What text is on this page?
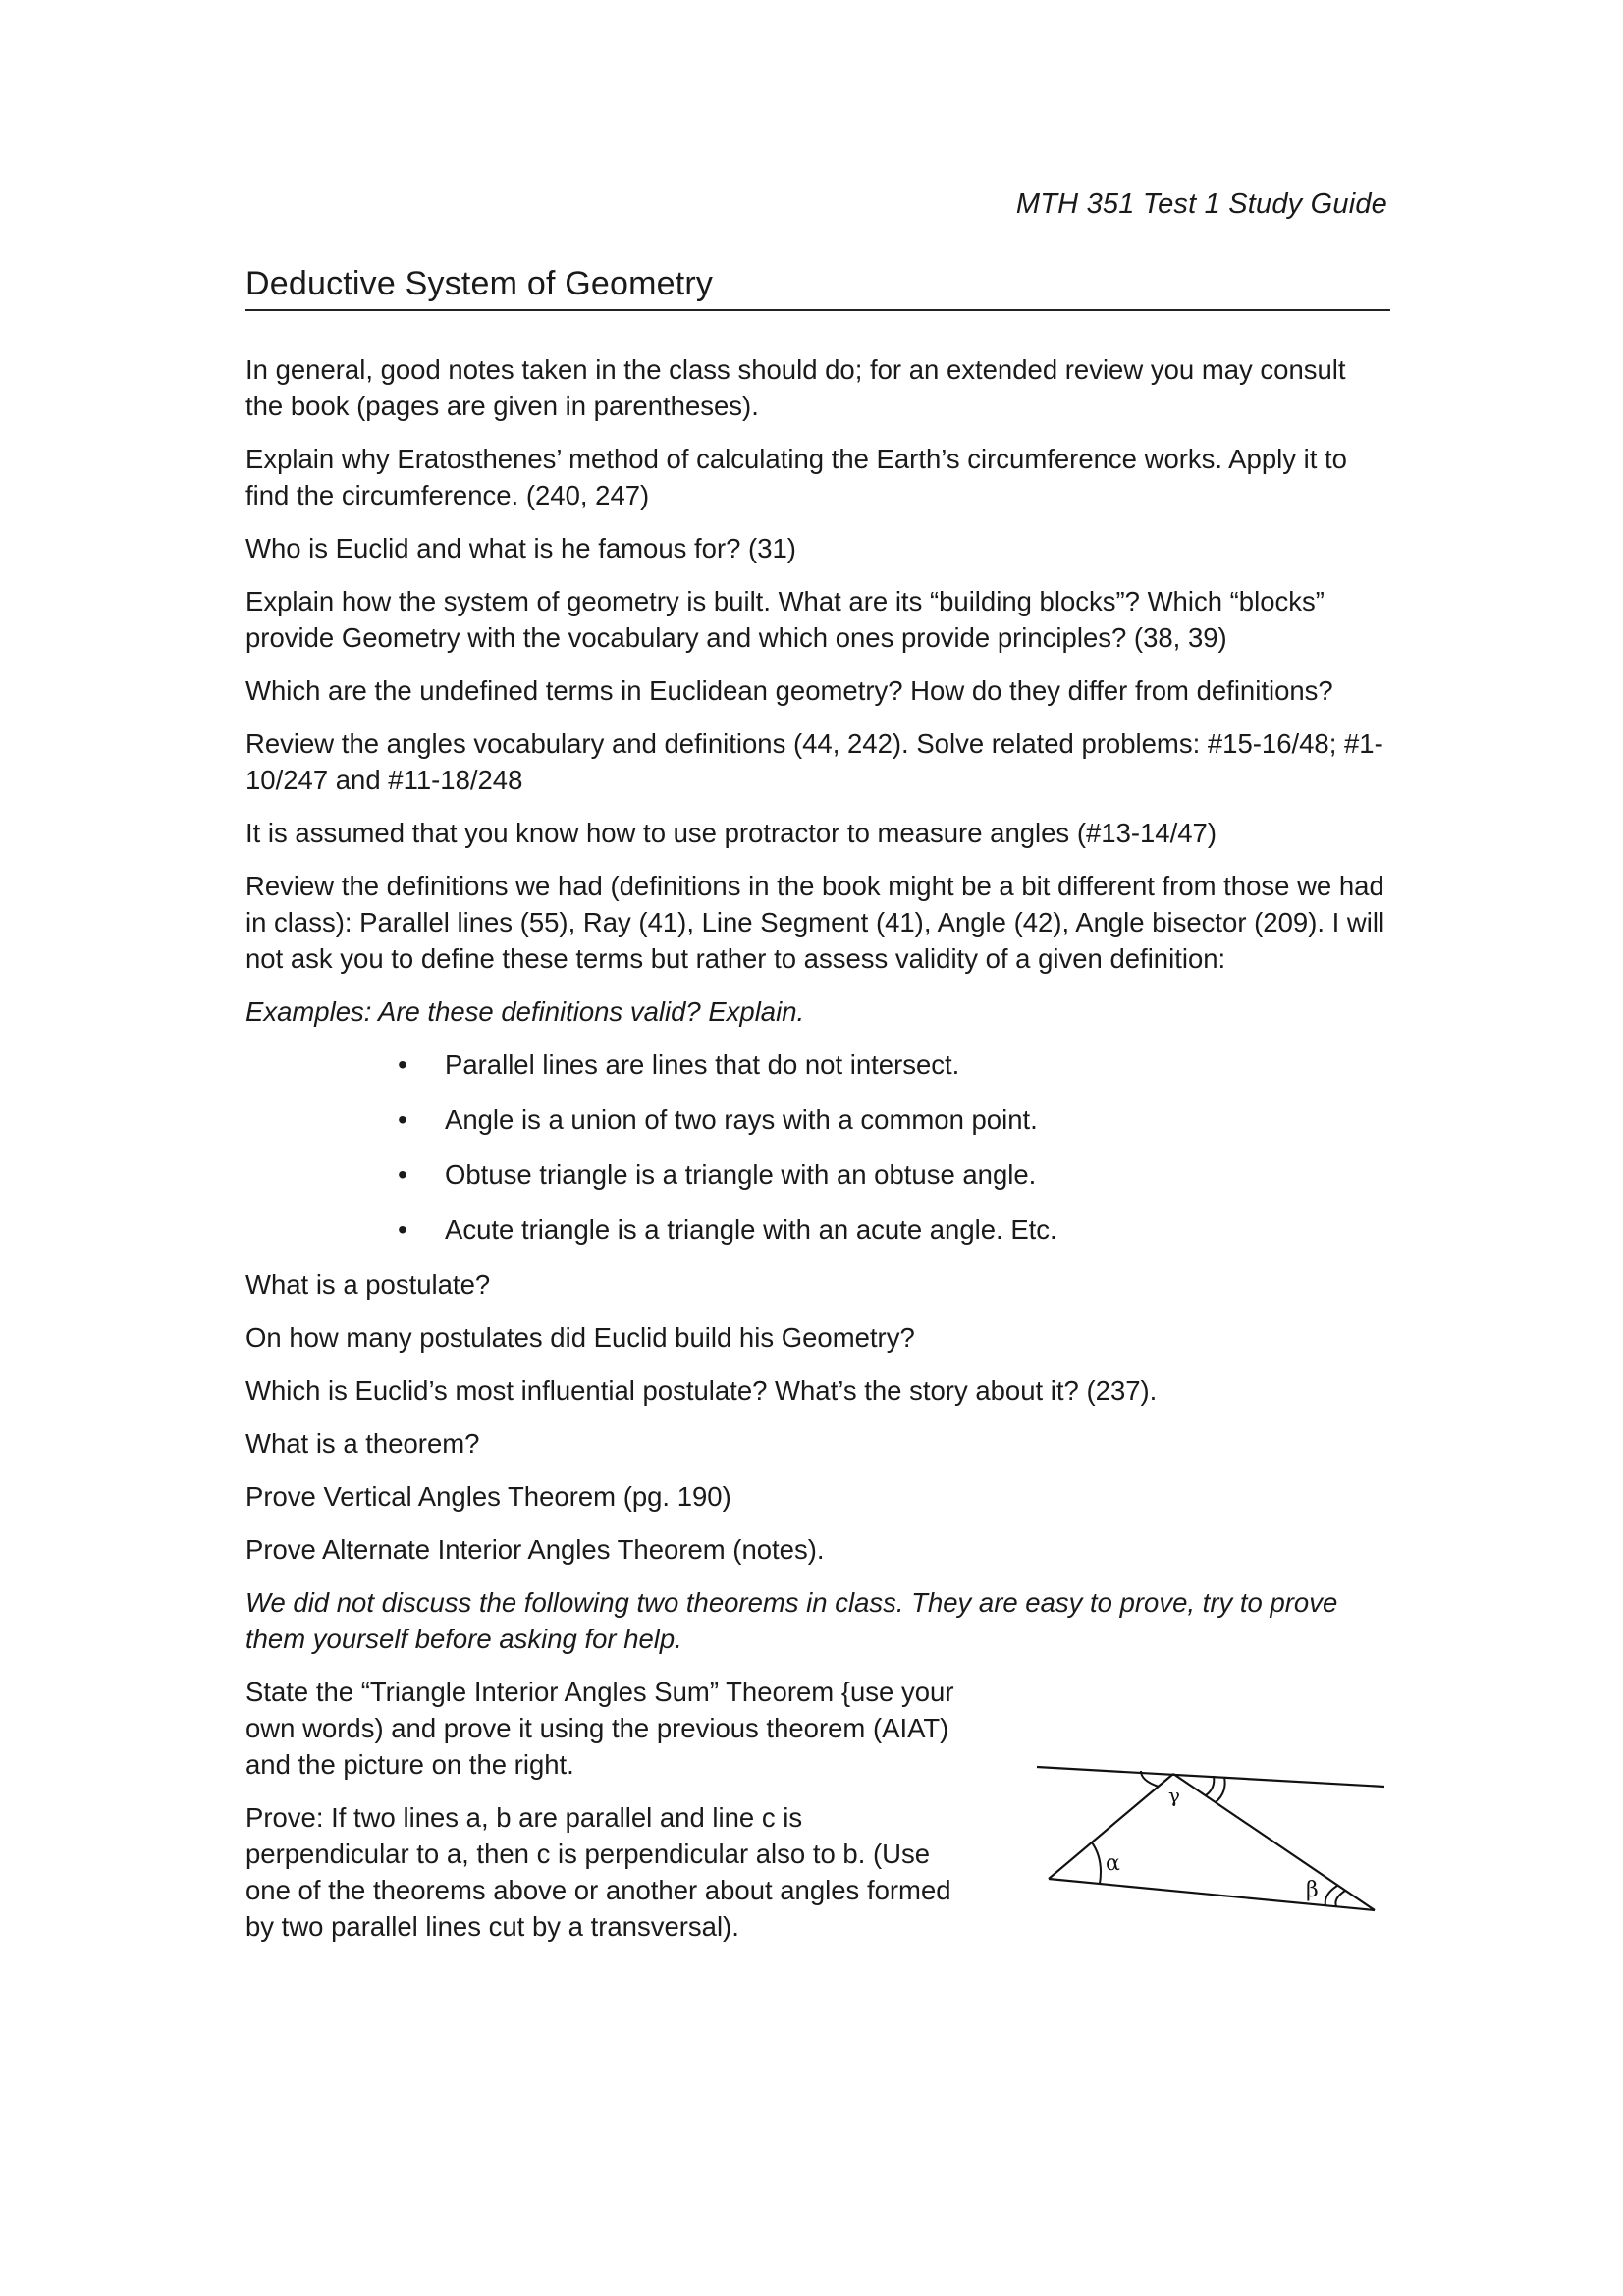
MTH 351 Test 1 Study Guide
Deductive System of Geometry

In general, good notes taken in the class should do; for an extended review you may consult the book (pages are given in parentheses).

Explain why Eratosthenes’ method of calculating the Earth’s circumference works. Apply it to find the circumference. (240, 247)

Who is Euclid and what is he famous for? (31)

Explain how the system of geometry is built. What are its “building blocks”? Which “blocks” provide Geometry with the vocabulary and which ones provide principles? (38, 39)

Which are the undefined terms in Euclidean geometry? How do they differ from definitions?

Review the angles vocabulary and definitions (44, 242). Solve related problems: #15-16/48; #1-10/247 and #11-18/248

It is assumed that you know how to use protractor to measure angles (#13-14/47)

Review the definitions we had (definitions in the book might be a bit different from those we had in class): Parallel lines (55), Ray (41), Line Segment (41), Angle (42), Angle bisector (209). I will not ask you to define these terms but rather to assess validity of a given definition:

Examples: Are these definitions valid? Explain.

• Parallel lines are lines that do not intersect.
• Angle is a union of two rays with a common point.
• Obtuse triangle is a triangle with an obtuse angle.
• Acute triangle is a triangle with an acute angle. Etc.

What is a postulate?

On how many postulates did Euclid build his Geometry?

Which is Euclid’s most influential postulate? What’s the story about it? (237).

What is a theorem?

Prove Vertical Angles Theorem (pg. 190)

Prove Alternate Interior Angles Theorem (notes).

We did not discuss the following two theorems in class. They are easy to prove, try to prove them yourself before asking for help.

State the “Triangle Interior Angles Sum” Theorem {use your own words) and prove it using the previous theorem (AIAT) and the picture on the right.

Prove: If two lines a, b are parallel and line c is perpendicular to a, then c is perpendicular also to b. (Use one of the theorems above or another about angles formed by two parallel lines cut by a transversal).

α
β
γ
